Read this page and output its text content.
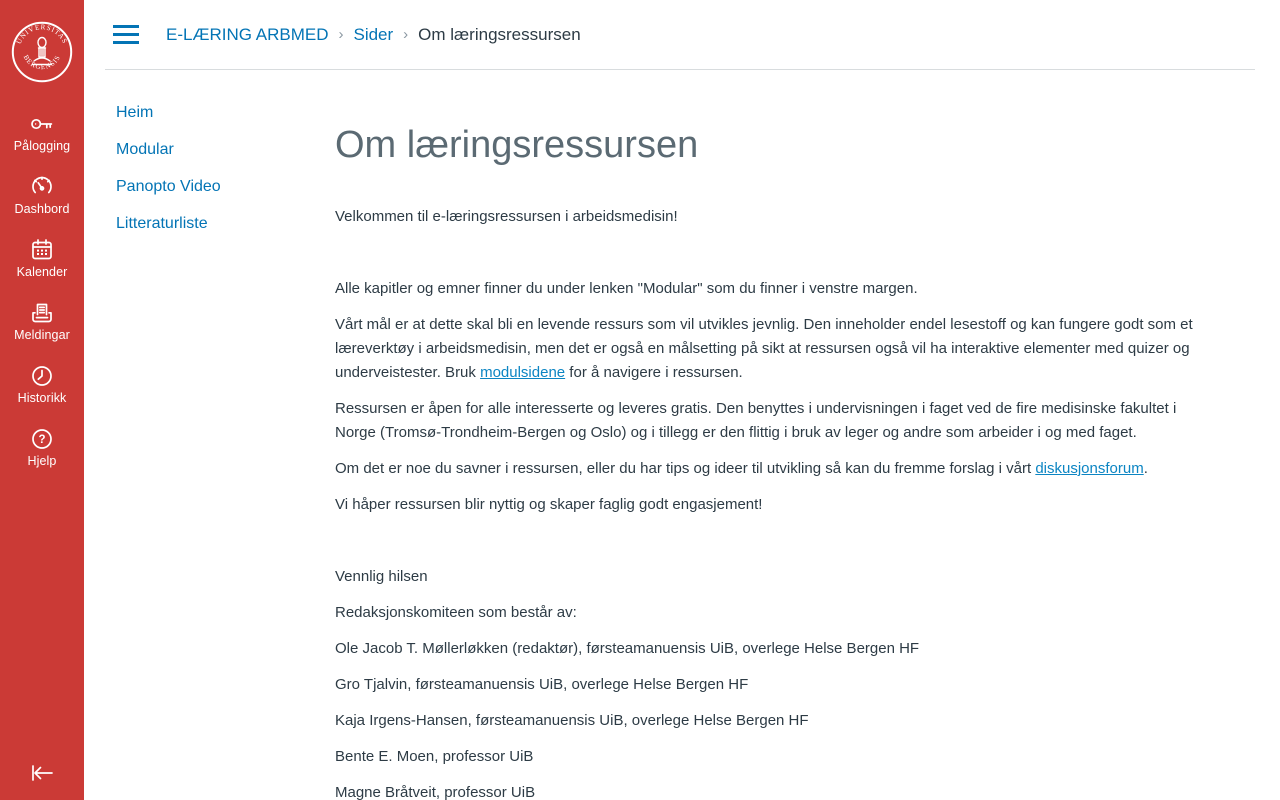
UNIVERSITAS
BERGENSIS
Pålogging
Dashbord
Kalender
Meldingar
Historikk
?
Hjelp
E-LÆRING ARBMED › Sider › Om læringsressursen
Heim
Modular
Panopto Video
Litteraturliste
Om læringsressursen

Velkommen til e-læringsressursen i arbeidsmedisin!

Alle kapitler og emner finner du under lenken "Modular" som du finner i venstre margen.

Vårt mål er at dette skal bli en levende ressurs som vil utvikles jevnlig. Den inneholder endel lesestoff og kan fungere godt som et læreverktøy i arbeidsmedisin, men det er også en målsetting på sikt at ressursen også vil ha interaktive elementer med quizer og underveistester. Bruk modulsidene for å navigere i ressursen.

Ressursen er åpen for alle interesserte og leveres gratis. Den benyttes i undervisningen i faget ved de fire medisinske fakultet i Norge (Tromsø-Trondheim-Bergen og Oslo) og i tillegg er den flittig i bruk av leger og andre som arbeider i og med faget.

Om det er noe du savner i ressursen, eller du har tips og ideer til utvikling så kan du fremme forslag i vårt diskusjonsforum.

Vi håper ressursen blir nyttig og skaper faglig godt engasjement!

Vennlig hilsen

Redaksjonskomiteen som består av:

Ole Jacob T. Møllerløkken (redaktør), førsteamanuensis UiB, overlege Helse Bergen HF

Gro Tjalvin, førsteamanuensis UiB, overlege Helse Bergen HF

Kaja Irgens-Hansen, førsteamanuensis UiB, overlege Helse Bergen HF

Bente E. Moen, professor UiB

Magne Bråtveit, professor UiB
